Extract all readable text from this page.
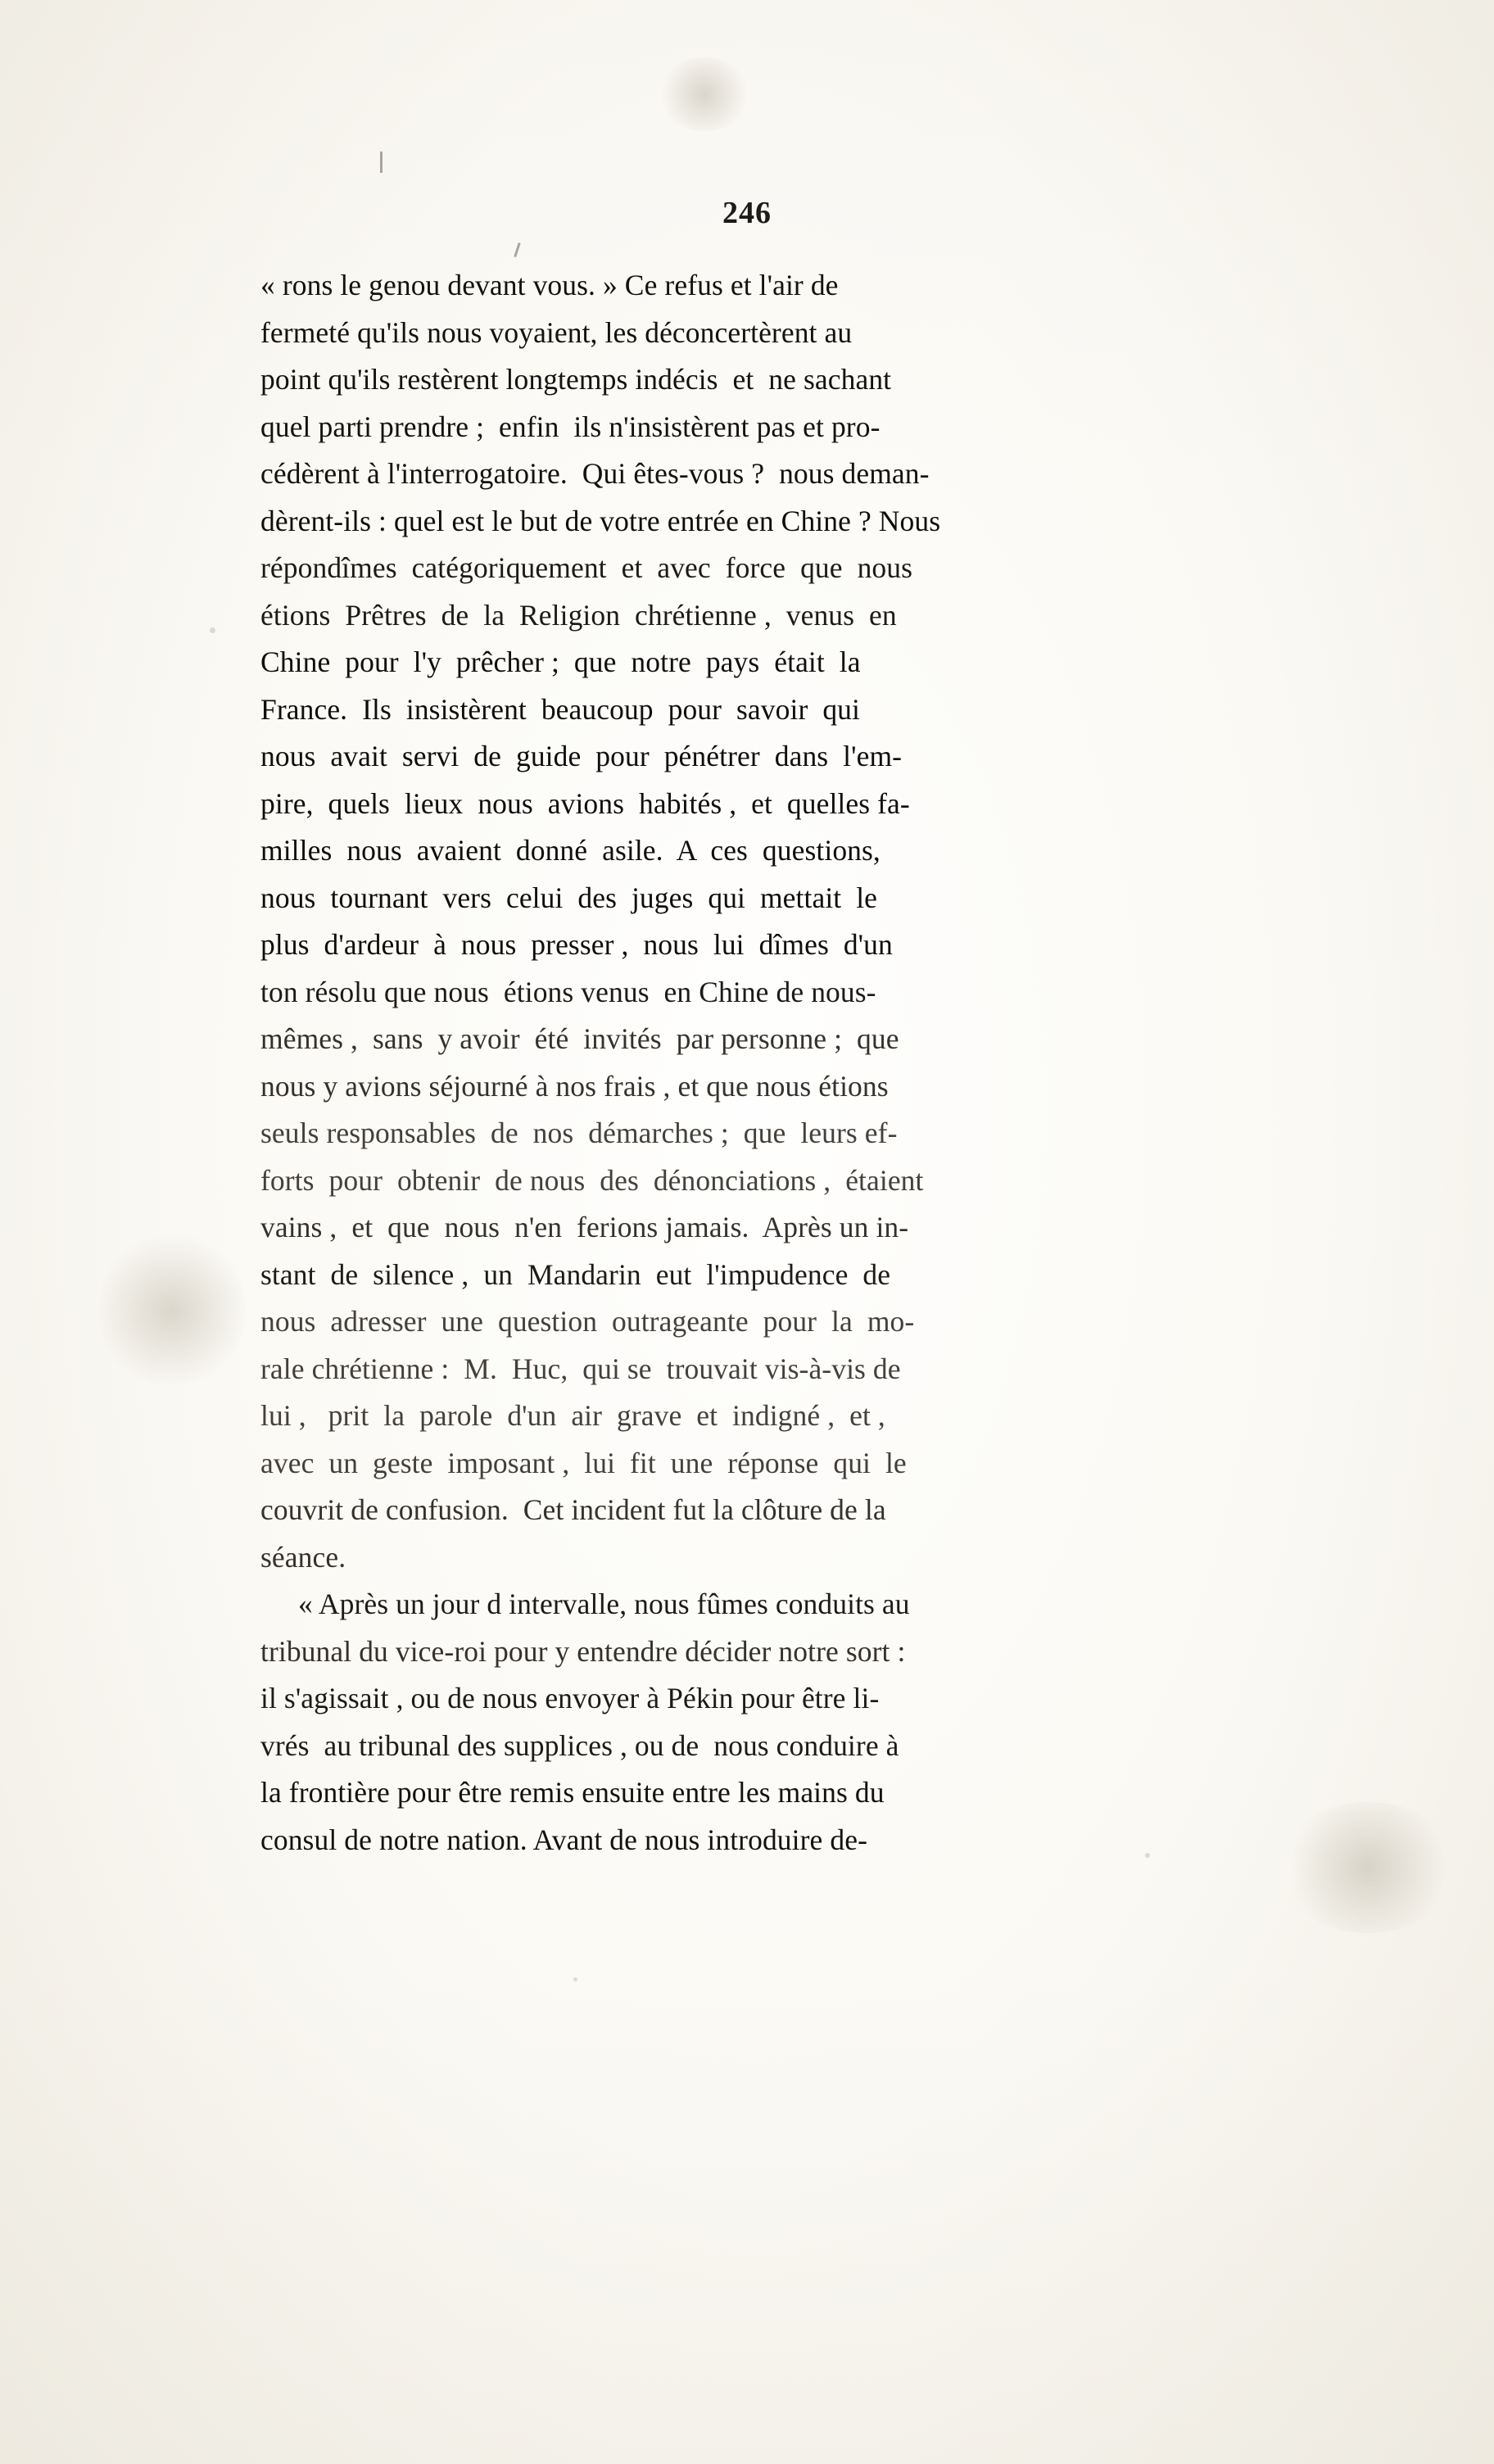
246
« rons le genou devant vous. » Ce refus et l'air de
fermeté qu'ils nous voyaient, les déconcertèrent au
point qu'ils restèrent longtemps indécis  et  ne sachant
quel parti prendre ;  enfin  ils n'insistèrent pas et pro-
cédèrent à l'interrogatoire.  Qui êtes-vous ?  nous deman-
dèrent-ils : quel est le but de votre entrée en Chine ? Nous
répondîmes  catégoriquement  et  avec  force  que  nous
étions  Prêtres  de  la  Religion  chrétienne ,  venus  en
Chine  pour  l'y  prêcher ;  que  notre  pays  était  la
France.  Ils  insistèrent  beaucoup  pour  savoir  qui
nous  avait  servi  de  guide  pour  pénétrer  dans  l'em-
pire,  quels  lieux  nous  avions  habités ,  et  quelles fa-
milles  nous  avaient  donné  asile.  A  ces  questions,
nous  tournant  vers  celui  des  juges  qui  mettait  le
plus  d'ardeur  à  nous  presser ,  nous  lui  dîmes  d'un
ton résolu que nous  étions venus  en Chine de nous-
mêmes ,  sans  y avoir  été  invités  par personne ;  que
nous y avions séjourné à nos frais , et que nous étions
seuls responsables  de  nos  démarches ;  que  leurs ef-
forts  pour  obtenir  de nous  des  dénonciations ,  étaient
vains ,  et  que  nous  n'en  ferions jamais.  Après un in-
stant  de  silence ,  un  Mandarin  eut  l'impudence  de
nous  adresser  une  question  outrageante  pour  la  mo-
rale chrétienne :  M.  Huc,  qui se  trouvait vis-à-vis de
lui ,   prit  la  parole  d'un  air  grave  et  indigné ,  et ,
avec  un  geste  imposant ,  lui  fit  une  réponse  qui  le
couvrit de confusion.  Cet incident fut la clôture de la
séance.
« Après un jour d intervalle, nous fûmes conduits au
tribunal du vice-roi pour y entendre décider notre sort :
il s'agissait , ou de nous envoyer à Pékin pour être li-
vrés  au tribunal des supplices , ou de  nous conduire à
la frontière pour être remis ensuite entre les mains du
consul de notre nation. Avant de nous introduire de-
